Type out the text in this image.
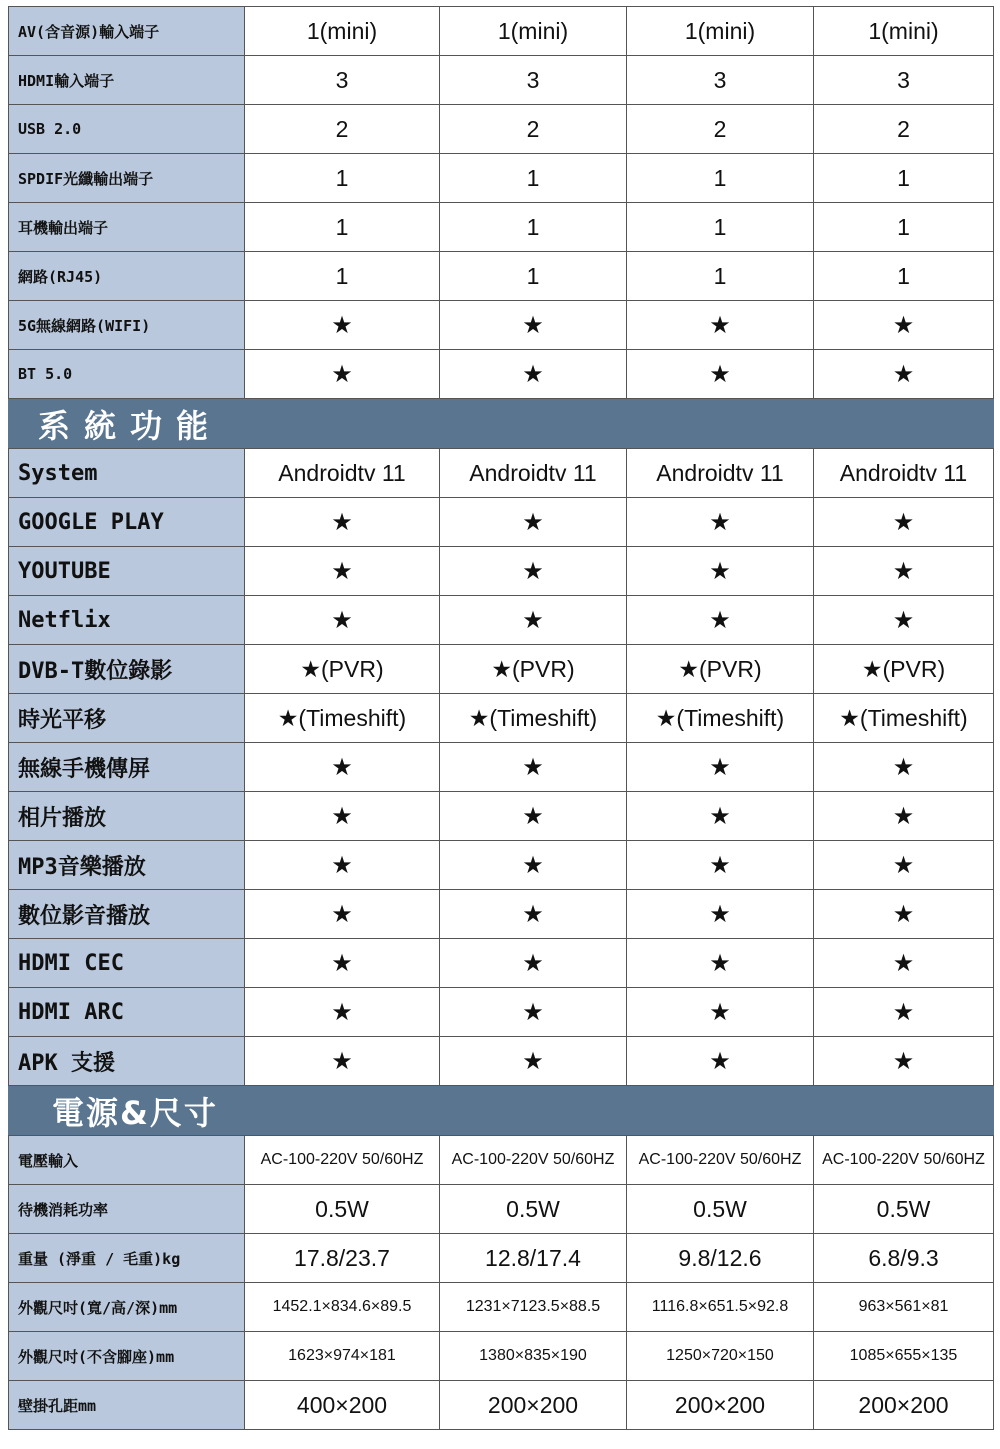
AV(含音源)輸入端子	1(mini)	1(mini)	1(mini)	1(mini)
HDMI輸入端子	3	3	3	3
USB 2.0	2	2	2	2
SPDIF光纖輸出端子	1	1	1	1
耳機輸出端子	1	1	1	1
網路(RJ45)	1	1	1	1
5G無線網路(WIFI)	★	★	★	★
BT 5.0	★	★	★	★
系統功能
System	Androidtv 11	Androidtv 11	Androidtv 11	Androidtv 11
GOOGLE PLAY	★	★	★	★
YOUTUBE	★	★	★	★
Netflix	★	★	★	★
DVB-T數位錄影	★(PVR)	★(PVR)	★(PVR)	★(PVR)
時光平移	★(Timeshift)	★(Timeshift)	★(Timeshift)	★(Timeshift)
無線手機傳屏	★	★	★	★
相片播放	★	★	★	★
MP3音樂播放	★	★	★	★
數位影音播放	★	★	★	★
HDMI CEC	★	★	★	★
HDMI ARC	★	★	★	★
APK 支援	★	★	★	★
電源&尺寸
電壓輸入	AC-100-220V 50/60HZ	AC-100-220V 50/60HZ	AC-100-220V 50/60HZ	AC-100-220V 50/60HZ
待機消耗功率	0.5W	0.5W	0.5W	0.5W
重量 (淨重 / 毛重)kg	17.8/23.7	12.8/17.4	9.8/12.6	6.8/9.3
外觀尺吋(寬/高/深)mm	1452.1×834.6×89.5	1231×7123.5×88.5	1116.8×651.5×92.8	963×561×81
外觀尺吋(不含腳座)mm	1623×974×181	1380×835×190	1250×720×150	1085×655×135
壁掛孔距mm	400×200	200×200	200×200	200×200
